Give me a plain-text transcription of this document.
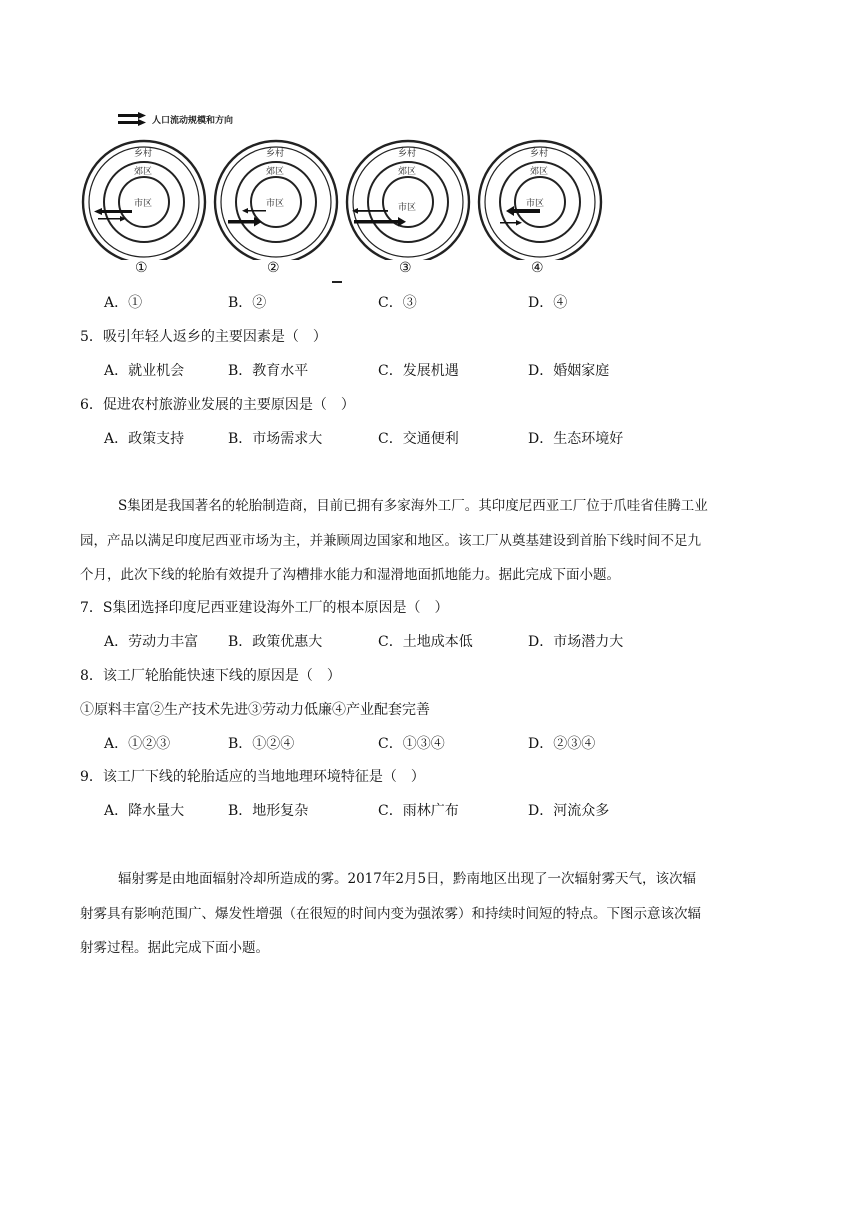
人口流动规模和方向
乡村
郊区
市区
①
乡村
郊区
市区
②
乡村
郊区
市区
③
乡村
郊区
市区
④
A．①	B．②	C．③	D．④
5．吸引年轻人返乡的主要因素是（　）
A．就业机会	B．教育水平	C．发展机遇	D．婚姻家庭
6．促进农村旅游业发展的主要原因是（　）
A．政策支持	B．市场需求大	C．交通便利	D．生态环境好
S集团是我国著名的轮胎制造商，目前已拥有多家海外工厂。其印度尼西亚工厂位于爪哇省佳腾工业
园，产品以满足印度尼西亚市场为主，并兼顾周边国家和地区。该工厂从奠基建设到首胎下线时间不足九
个月，此次下线的轮胎有效提升了沟槽排水能力和湿滑地面抓地能力。据此完成下面小题。
7．S集团选择印度尼西亚建设海外工厂的根本原因是（　）
A．劳动力丰富 B．政策优惠大	C．土地成本低	D．市场潜力大
8．该工厂轮胎能快速下线的原因是（　）
①原料丰富②生产技术先进③劳动力低廉④产业配套完善
A．①②③	B．①②④	C．①③④	D．②③④
9．该工厂下线的轮胎适应的当地地理环境特征是（　）
A．降水量大	B．地形复杂	C．雨林广布	D．河流众多
辐射雾是由地面辐射冷却所造成的雾。2017年2月5日，黔南地区出现了一次辐射雾天气，该次辐
射雾具有影响范围广、爆发性增强（在很短的时间内变为强浓雾）和持续时间短的特点。下图示意该次辐
射雾过程。据此完成下面小题。
